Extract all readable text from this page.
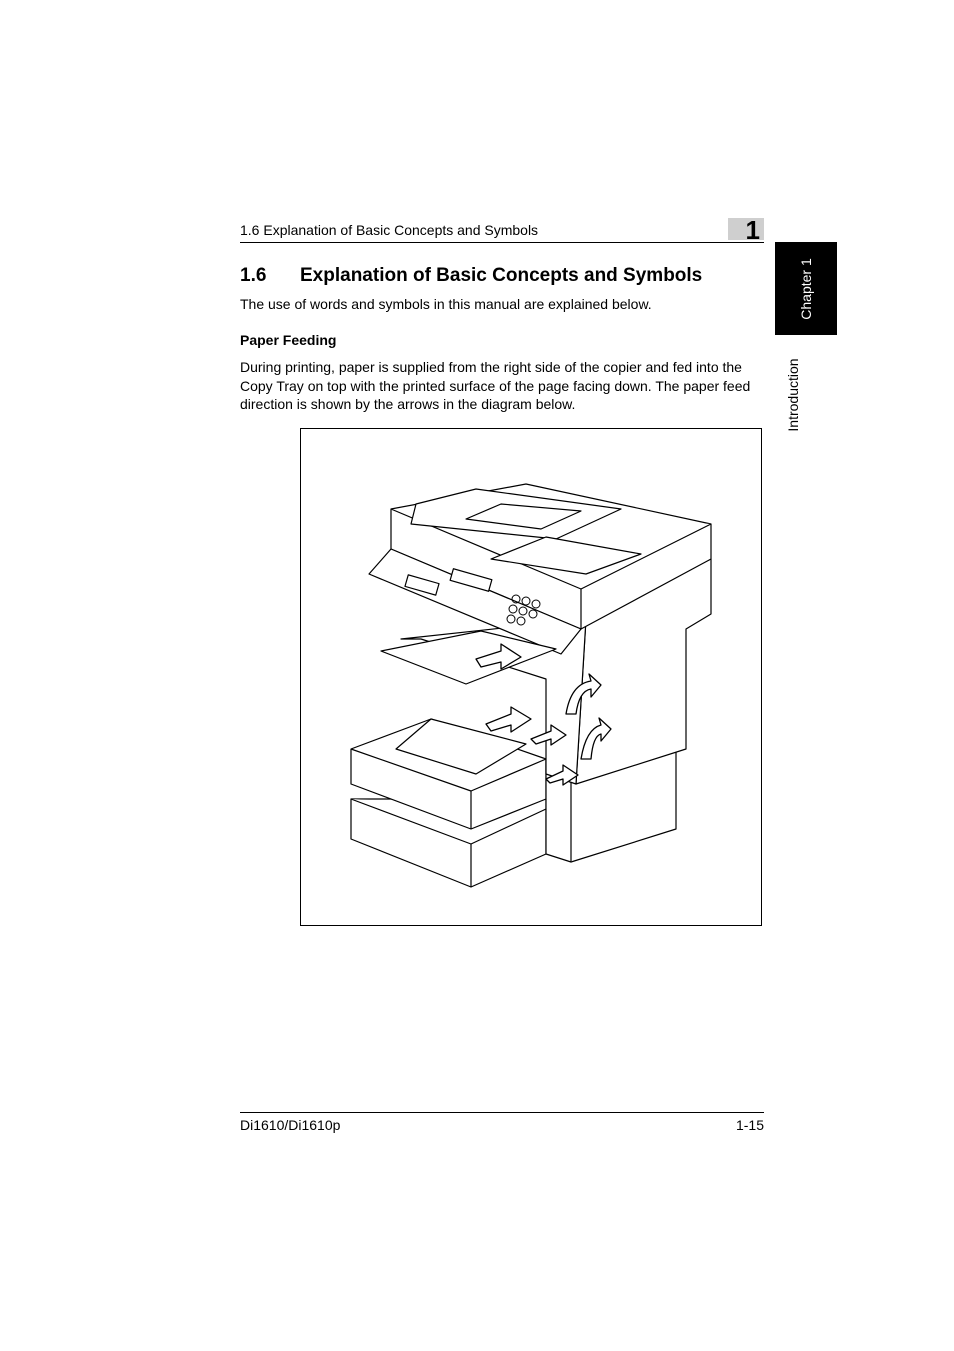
1.6 Explanation of Basic Concepts and Symbols	1
Chapter 1
Introduction
1.6 Explanation of Basic Concepts and Symbols

The use of words and symbols in this manual are explained below.

Paper Feeding

During printing, paper is supplied from the right side of the copier and fed into the Copy Tray on top with the printed surface of the page facing down. The paper feed direction is shown by the arrows in the diagram below.

Di1610/Di1610p	1-15
